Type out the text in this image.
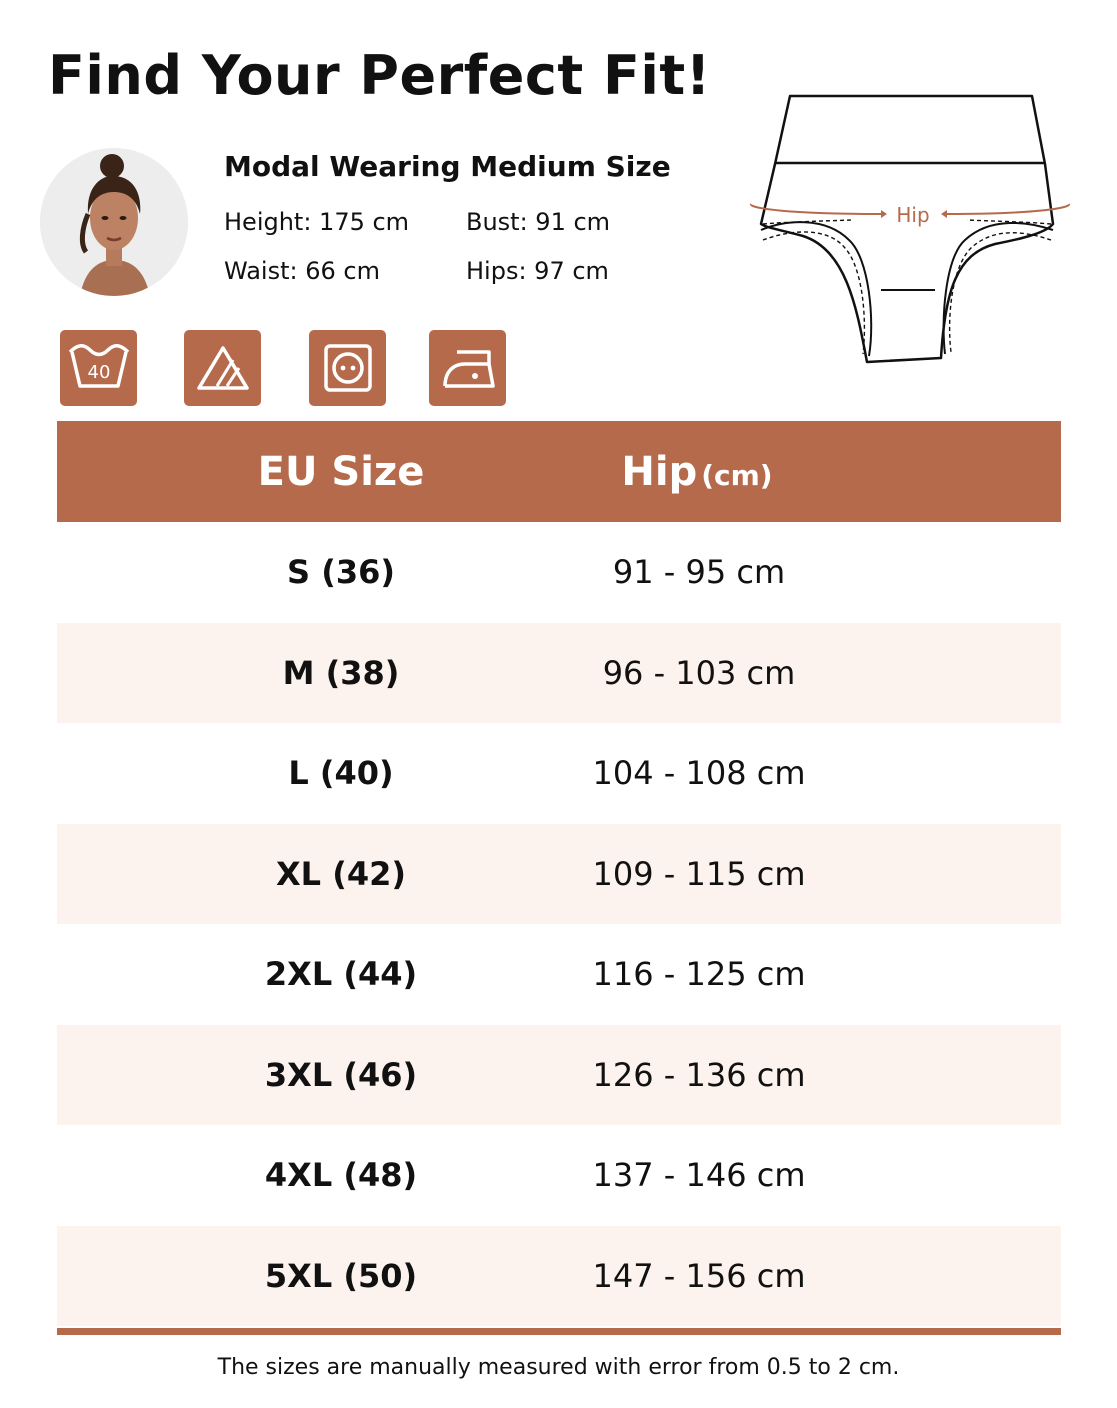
Find Your Perfect Fit!
Modal Wearing Medium Size
Height: 175 cm Bust: 91 cm
Waist: 66 cm	Hips: 97 cm
40
Hip
EU Size	Hip (cm)
S (36)	91 - 95 cm
M (38)	96 - 103 cm
L (40)	104 - 108 cm
XL (42)	109 - 115 cm
2XL (44)	116 - 125 cm
3XL (46)	126 - 136 cm
4XL (48)	137 - 146 cm
5XL (50)	147 - 156 cm
The sizes are manually measured with error from 0.5 to 2 cm.
